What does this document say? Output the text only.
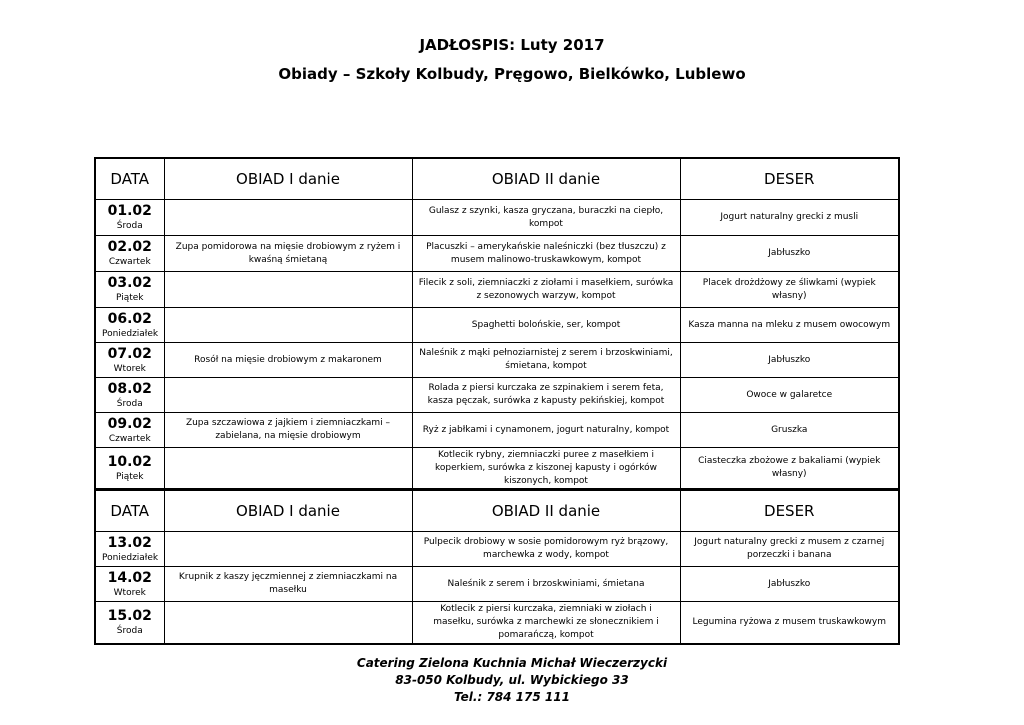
JADŁOSPIS: Luty 2017
Obiady – Szkoły Kolbudy, Pręgowo, Bielkówko, Lublewo
DATA	OBIAD I danie	OBIAD II danie	DESER

01.02
Środa		Gulasz z szynki, kasza gryczana, buraczki na ciepło, kompot	Jogurt naturalny grecki z musli

02.02
Czwartek	Zupa pomidorowa na mięsie drobiowym z ryżem i kwaśną śmietaną	Placuszki – amerykańskie naleśniczki (bez tłuszczu) z musem malinowo-truskawkowym, kompot	Jabłuszko

03.02
Piątek		Filecik z soli, ziemniaczki z ziołami i masełkiem, surówka z sezonowych warzyw, kompot	Placek drożdżowy ze śliwkami (wypiek własny)

06.02
Poniedziałek		Spaghetti bolońskie, ser, kompot	Kasza manna na mleku z musem owocowym

07.02
Wtorek	Rosół na mięsie drobiowym z makaronem	Naleśnik z mąki pełnoziarnistej z serem i brzoskwiniami, śmietana, kompot	Jabłuszko

08.02
Środa		Rolada z piersi kurczaka ze szpinakiem i serem feta, kasza pęczak, surówka z kapusty pekińskiej, kompot	Owoce w galaretce

09.02
Czwartek	Zupa szczawiowa z jajkiem i ziemniaczkami – zabielana, na mięsie drobiowym	Ryż z jabłkami i cynamonem, jogurt naturalny, kompot	Gruszka

10.02
Piątek		Kotlecik rybny, ziemniaczki puree z masełkiem i koperkiem, surówka z kiszonej kapusty i ogórków kiszonych, kompot	Ciasteczka zbożowe z bakaliami (wypiek własny)
DATA	OBIAD I danie	OBIAD II danie	DESER

13.02
Poniedziałek		Pulpecik drobiowy w sosie pomidorowym ryż brązowy, marchewka z wody, kompot	Jogurt naturalny grecki z musem z czarnej porzeczki i banana

14.02
Wtorek	Krupnik z kaszy jęczmiennej z ziemniaczkami na masełku	Naleśnik z serem i brzoskwiniami, śmietana	Jabłuszko

15.02
Środa		Kotlecik z piersi kurczaka, ziemniaki w ziołach i masełku, surówka z marchewki ze słonecznikiem i pomarańczą, kompot	Legumina ryżowa z musem truskawkowym
Catering Zielona Kuchnia Michał Wieczerzycki
83-050 Kolbudy, ul. Wybickiego 33
Tel.: 784 175 111
